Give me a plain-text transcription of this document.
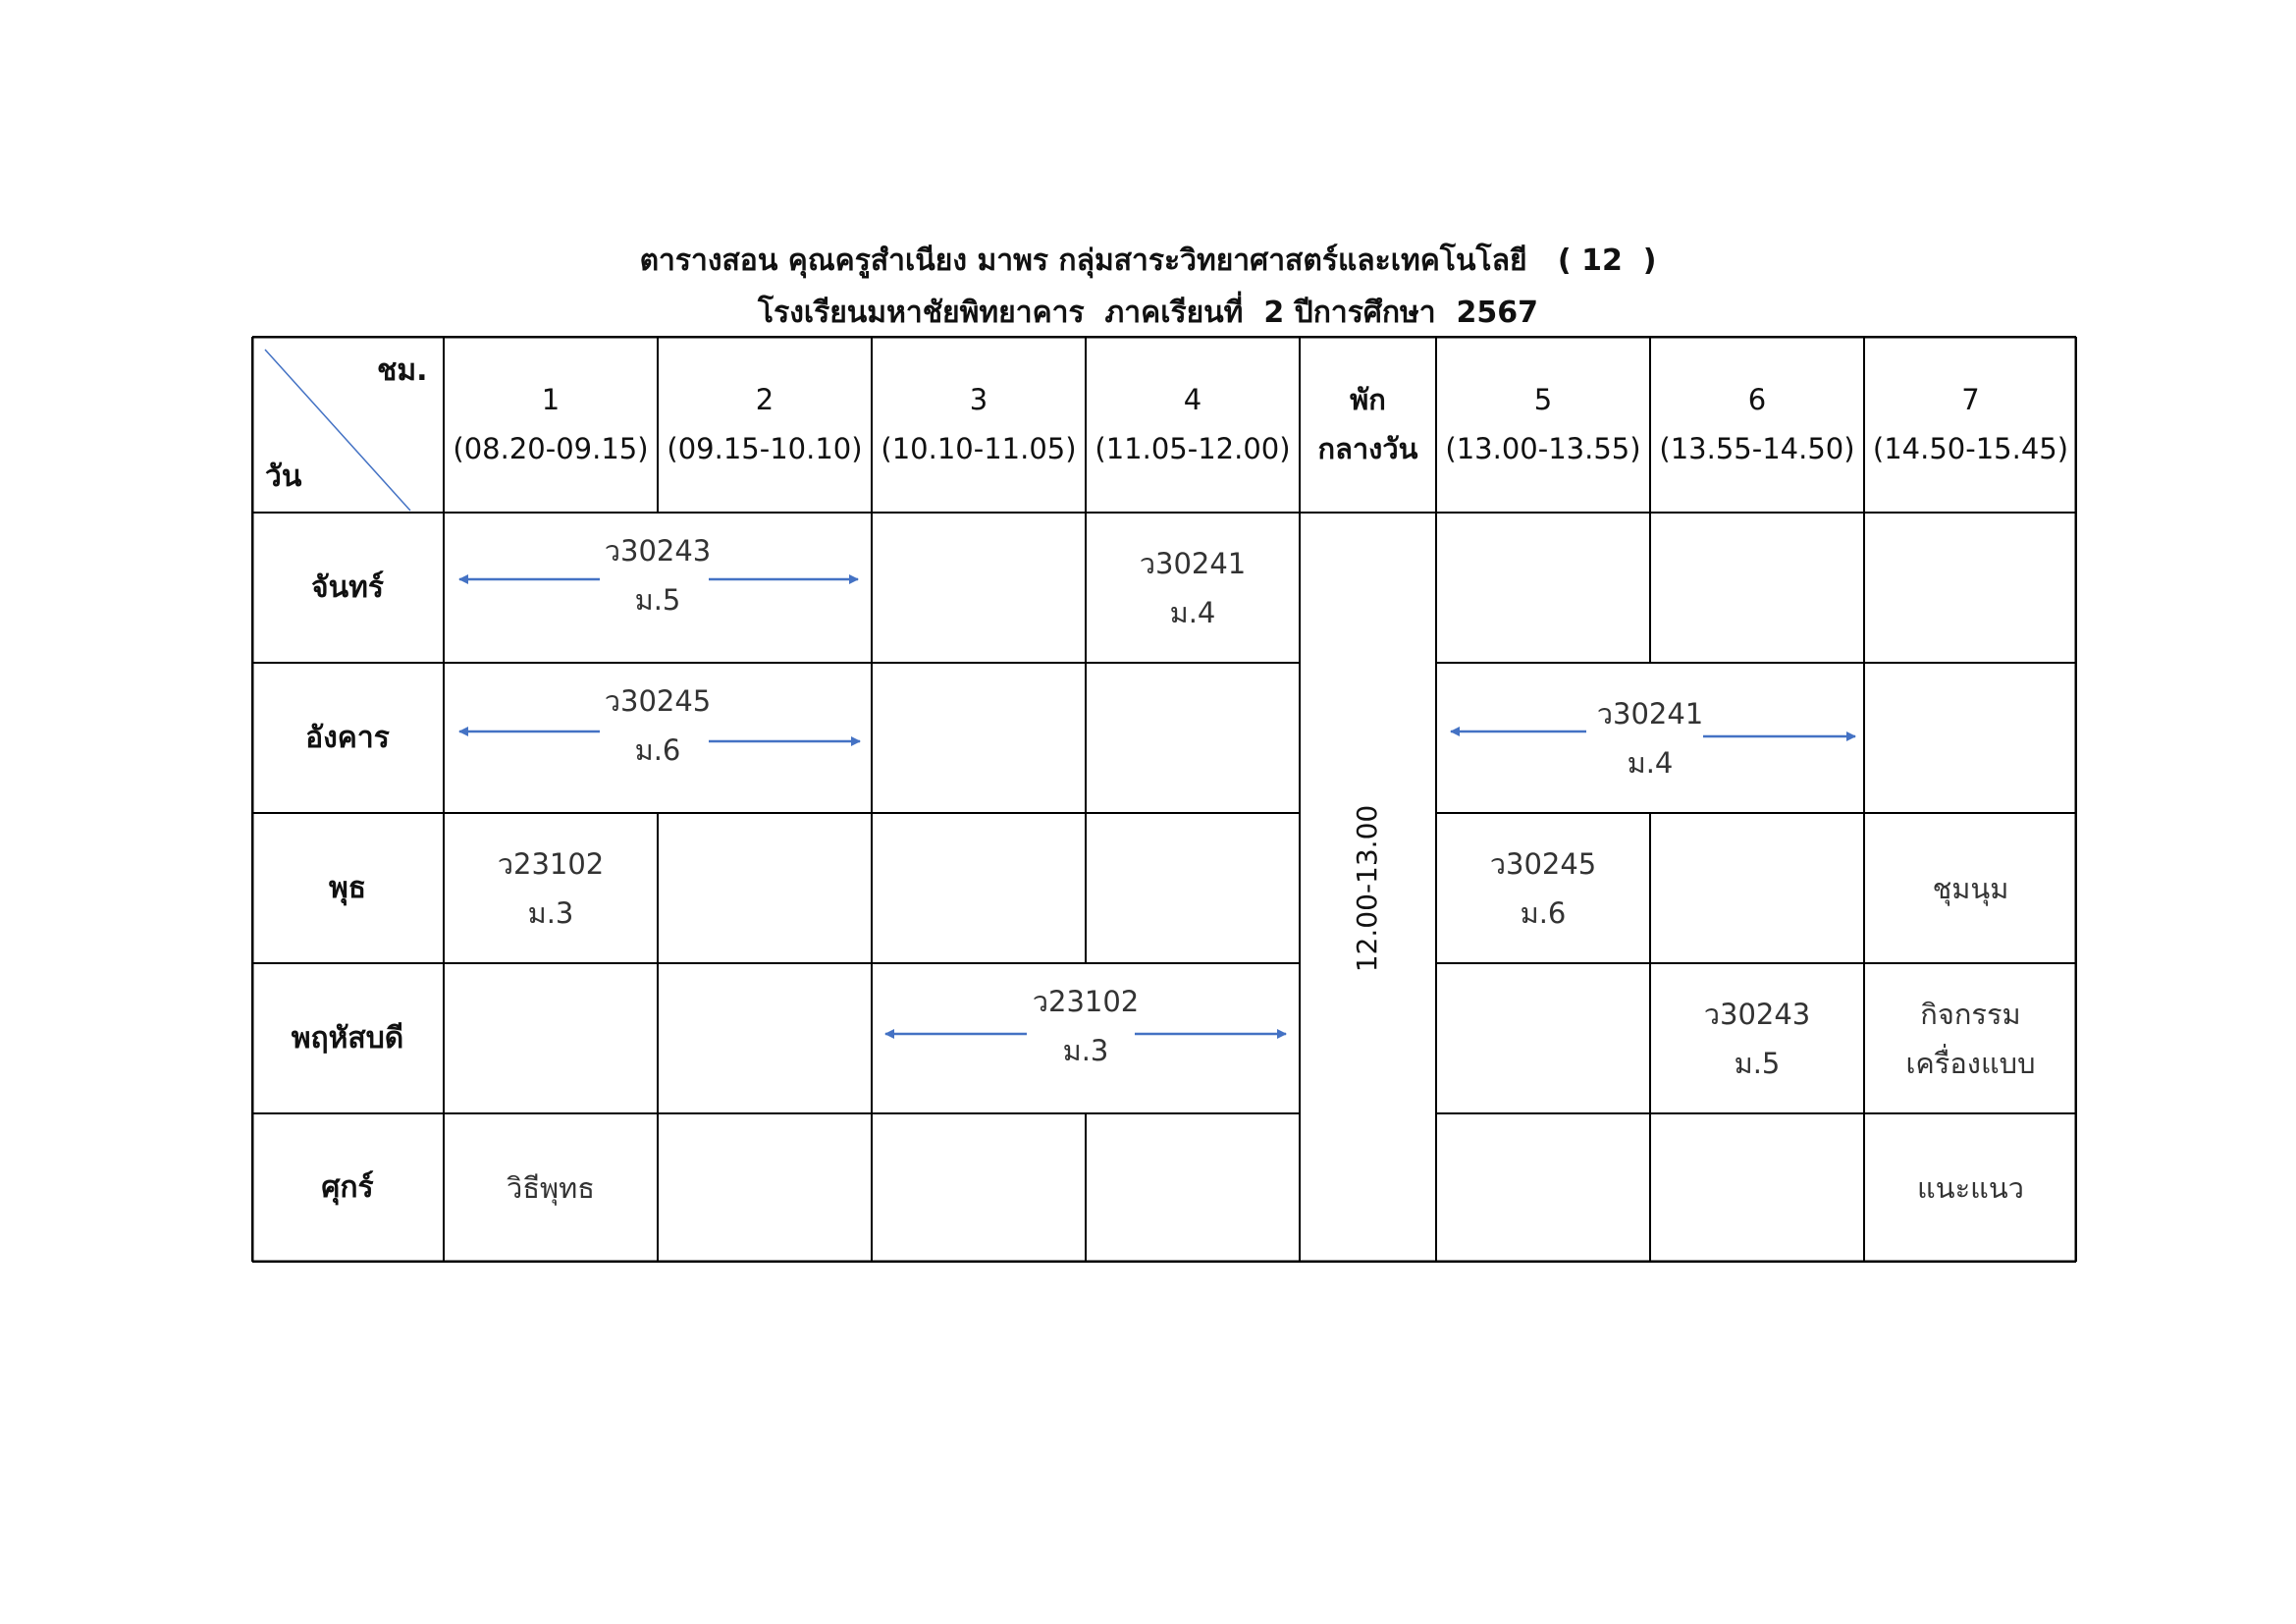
ตารางสอน คุณครูสำเนียง มาพร กลุ่มสาระวิทยาศาสตร์และเทคโนโลยี   ( 12  )
โรงเรียนมหาชัยพิทยาคาร  ภาคเรียนที่  2 ปีการศึกษา  2567
ชม.
วัน
1
(08.20-09.15)
2
(09.15-10.10)
3
(10.10-11.05)
4
(11.05-12.00)
พัก
กลางวัน
5
(13.00-13.55)
6
(13.55-14.50)
7
(14.50-15.45)
จันทร์
อังคาร
พุธ
พฤหัสบดี
ศุกร์
ว30243
ม.5
ว30241
ม.4
ว30245
ม.6
ว30241
ม.4
ว23102
ม.3
ว30245
ม.6
ชุมนุม
ว23102
ม.3
ว30243
ม.5
กิจกรรม
เครื่องแบบ
วิธีพุทธ	แนะแนว
12.00-13.00
